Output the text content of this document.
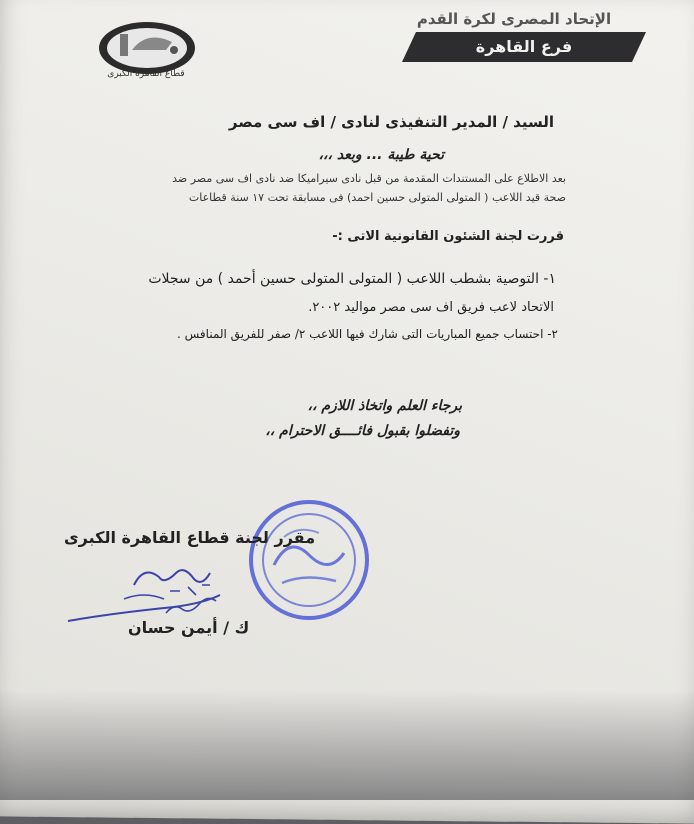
الإتحاد المصرى لكرة القدم
فرع القاهرة
قطاع القاهرة الكبرى
السيد / المدير التنفيذى لنادى / اف سى مصر
تحية طيبة ... وبعد ،،،
بعد الاطلاع على المستندات المقدمة من قبل نادى سيراميكا ضد نادى اف سى مصر ضد
صحة قيد اللاعب ( المتولى المتولى حسين احمد) فى مسابقة تحت ١٧ سنة قطاعات
قررت لجنة الشئون القانونية الاتى :-
١- التوصية بشطب اللاعب ( المتولى المتولى حسين أحمد ) من سجلات
الاتحاد لاعب فريق اف سى مصر مواليد ٢٠٠٢.
٢- احتساب جميع المباريات التى شارك فيها اللاعب ٢/ صفر للفريق المنافس .
برجاء العلم واتخاذ اللازم ،،
وتفضلوا بقبول فائــــق الاحترام ،،
مقرر لجنة قطاع القاهرة الكبرى
ك / أيمن حسان
